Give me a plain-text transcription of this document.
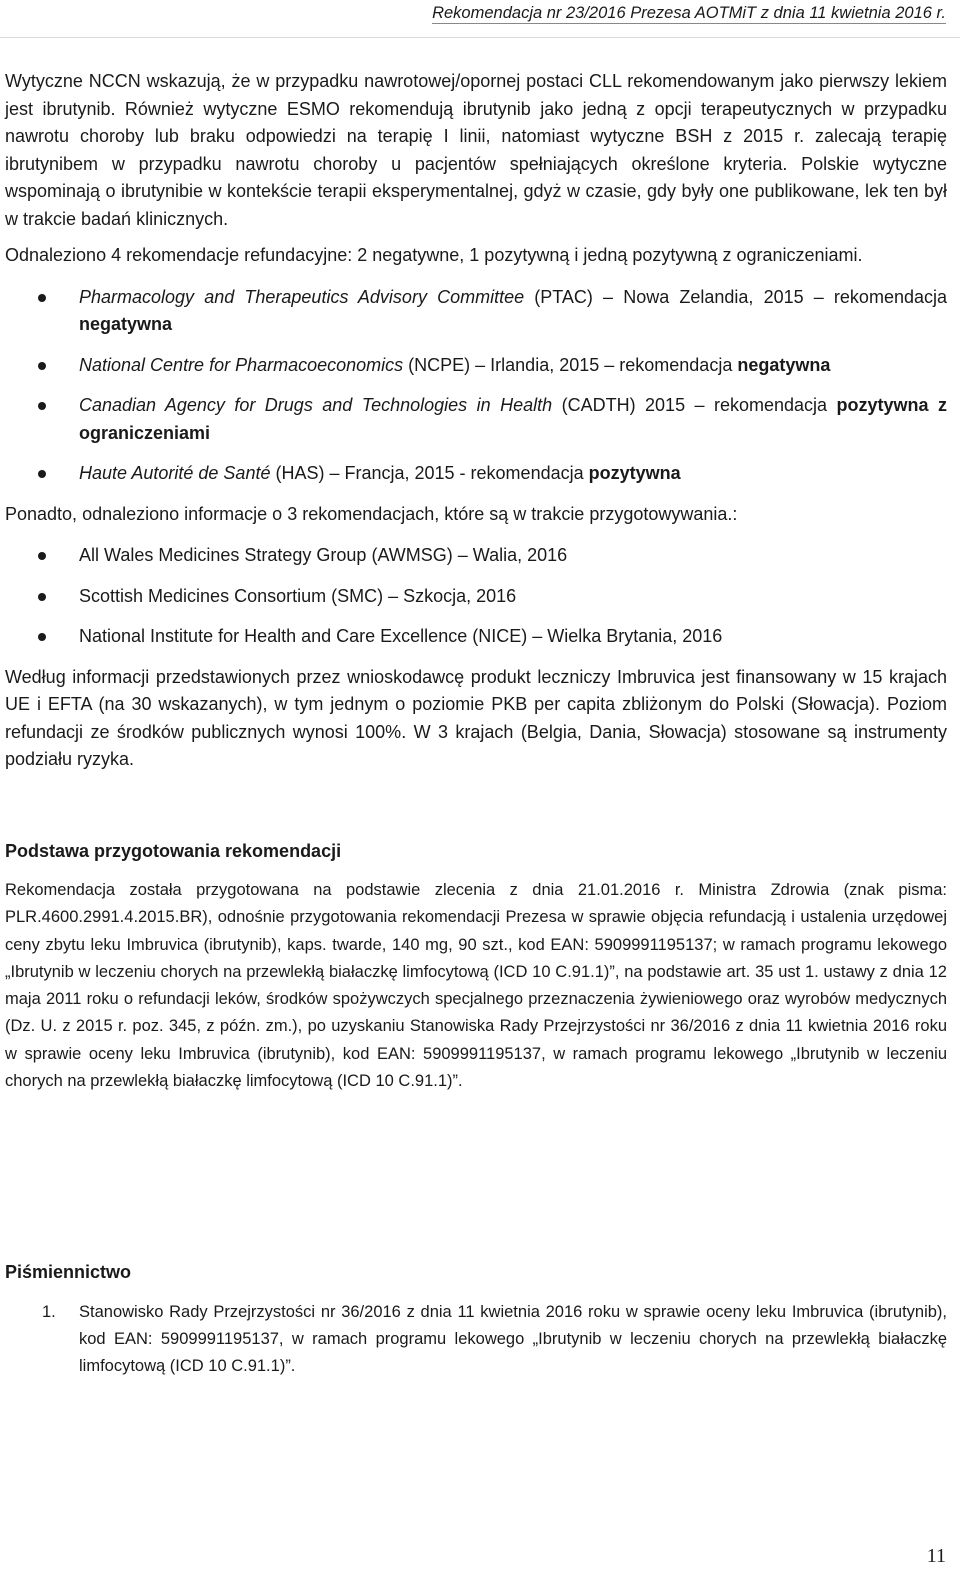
Rekomendacja nr 23/2016 Prezesa AOTMiT z dnia 11 kwietnia 2016 r.

Wytyczne NCCN wskazują, że w przypadku nawrotowej/opornej postaci CLL rekomendowanym jako pierwszy lekiem jest ibrutynib. Również wytyczne ESMO rekomendują ibrutynib jako jedną z opcji terapeutycznych w przypadku nawrotu choroby lub braku odpowiedzi na terapię I linii, natomiast wytyczne BSH z 2015 r. zalecają terapię ibrutynibem w przypadku nawrotu choroby u pacjentów spełniających określone kryteria. Polskie wytyczne wspominają o ibrutynibie w kontekście terapii eksperymentalnej, gdyż w czasie, gdy były one publikowane, lek ten był w trakcie badań klinicznych.

Odnaleziono 4 rekomendacje refundacyjne: 2 negatywne, 1 pozytywną i jedną pozytywną z ograniczeniami.

Pharmacology and Therapeutics Advisory Committee (PTAC) – Nowa Zelandia, 2015 – rekomendacja negatywna
National Centre for Pharmacoeconomics (NCPE) – Irlandia, 2015 – rekomendacja negatywna
Canadian Agency for Drugs and Technologies in Health (CADTH) 2015 – rekomendacja pozytywna z ograniczeniami
Haute Autorité de Santé (HAS) – Francja, 2015 - rekomendacja pozytywna

Ponadto, odnaleziono informacje o 3 rekomendacjach, które są w trakcie przygotowywania.:

All Wales Medicines Strategy Group (AWMSG) – Walia, 2016
Scottish Medicines Consortium (SMC) – Szkocja, 2016
National Institute for Health and Care Excellence (NICE) – Wielka Brytania, 2016

Według informacji przedstawionych przez wnioskodawcę produkt leczniczy Imbruvica jest finansowany w 15 krajach UE i EFTA (na 30 wskazanych), w tym jednym o poziomie PKB per capita zbliżonym do Polski (Słowacja). Poziom refundacji ze środków publicznych wynosi 100%. W 3 krajach (Belgia, Dania, Słowacja) stosowane są instrumenty podziału ryzyka.

Podstawa przygotowania rekomendacji

Rekomendacja została przygotowana na podstawie zlecenia z dnia 21.01.2016 r. Ministra Zdrowia (znak pisma: PLR.4600.2991.4.2015.BR), odnośnie przygotowania rekomendacji Prezesa w sprawie objęcia refundacją i ustalenia urzędowej ceny zbytu leku Imbruvica (ibrutynib), kaps. twarde, 140 mg, 90 szt., kod EAN: 5909991195137; w ramach programu lekowego „Ibrutynib w leczeniu chorych na przewlekłą białaczkę limfocytową (ICD 10 C.91.1)”, na podstawie art. 35 ust 1. ustawy z dnia 12 maja 2011 roku o refundacji leków, środków spożywczych specjalnego przeznaczenia żywieniowego oraz wyrobów medycznych (Dz. U. z 2015 r. poz. 345, z późn. zm.), po uzyskaniu Stanowiska Rady Przejrzystości nr 36/2016 z dnia 11 kwietnia 2016 roku w sprawie oceny leku Imbruvica (ibrutynib), kod EAN: 5909991195137, w ramach programu lekowego „Ibrutynib w leczeniu chorych na przewlekłą białaczkę limfocytową (ICD 10 C.91.1)”.

Piśmiennictwo

1. Stanowisko Rady Przejrzystości nr 36/2016 z dnia 11 kwietnia 2016 roku w sprawie oceny leku Imbruvica (ibrutynib), kod EAN: 5909991195137, w ramach programu lekowego „Ibrutynib w leczeniu chorych na przewlekłą białaczkę limfocytową (ICD 10 C.91.1)”.
11
